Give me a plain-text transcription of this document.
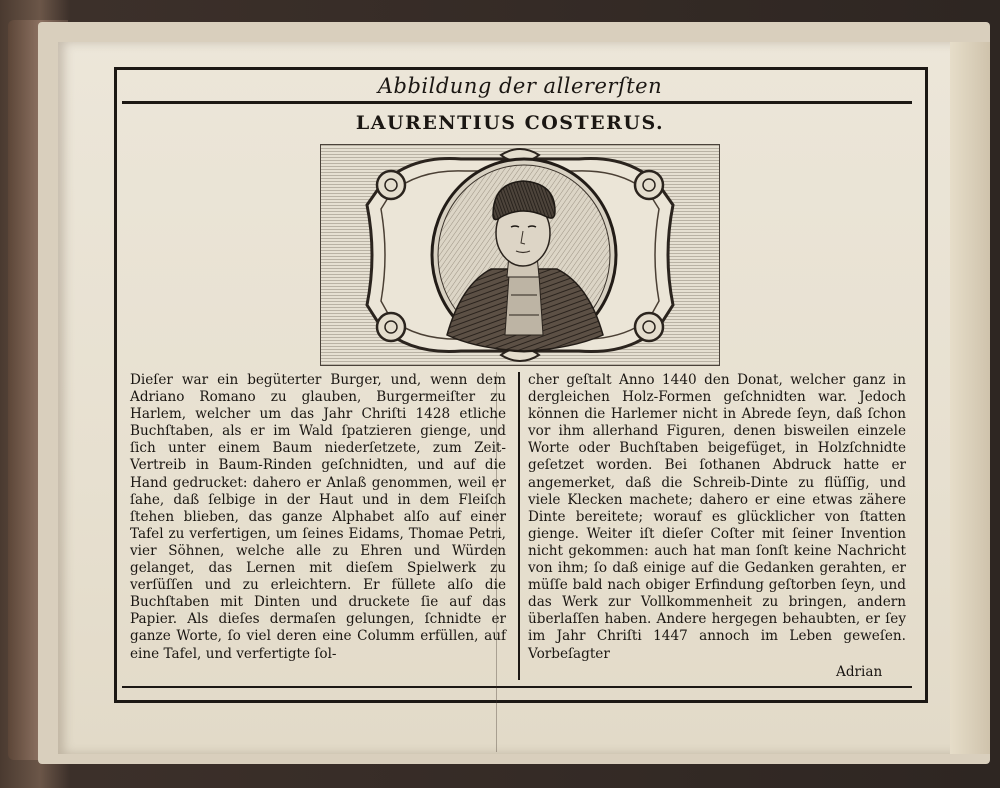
Abbildung der allererſten
LAURENTIUS COSTERUS.

Dieſer war ein begüterter Burger, und, wenn dem Adriano Romano zu glauben, Burgermeiſter zu Harlem, welcher um das Jahr Chriſti 1428 etliche Buchſtaben, als er im Wald ſpatzieren gienge, und ſich unter einem Baum niederſetzete, zum Zeit-Vertreib in Baum-Rinden geſchnidten, und auf die Hand gedrucket: dahero er Anlaß genommen, weil er ſahe, daß ſelbige in der Haut und in dem Fleiſch ſtehen blieben, das ganze Alphabet alſo auf einer Tafel zu verfertigen, um ſeines Eidams, Thomae Petri, vier Söhnen, welche alle zu Ehren und Würden gelanget, das Lernen mit dieſem Spielwerk zu verſüſſen und zu erleichtern. Er füllete alſo die Buchſtaben mit Dinten und druckete ſie auf das Papier. Als dieſes dermaſen gelungen, ſchnidte er ganze Worte, ſo viel deren eine Columm erfüllen, auf eine Tafel, und verfertigte ſol-

cher geſtalt Anno 1440 den Donat, welcher ganz in dergleichen Holz-Formen geſchnidten war. Jedoch können die Harlemer nicht in Abrede ſeyn, daß ſchon vor ihm allerhand Figuren, denen bisweilen einzele Worte oder Buchſtaben beigefüget, in Holzſchnidte geſetzet worden. Bei ſothanen Abdruck hatte er angemerket, daß die Schreib-Dinte zu flüſſig, und viele Klecken machete; dahero er eine etwas zähere Dinte bereitete; worauf es glücklicher von ſtatten gienge. Weiter iſt dieſer Coſter mit ſeiner Invention nicht gekommen: auch hat man ſonſt keine Nachricht von ihm; ſo daß einige auf die Gedanken gerahten, er müſſe bald nach obiger Erfindung geſtorben ſeyn, und das Werk zur Vollkommenheit zu bringen, andern überlaſſen haben. Andere hergegen behaubten, er ſey im Jahr Chriſti 1447 annoch im Leben geweſen. Vorbeſagter

Adrian
